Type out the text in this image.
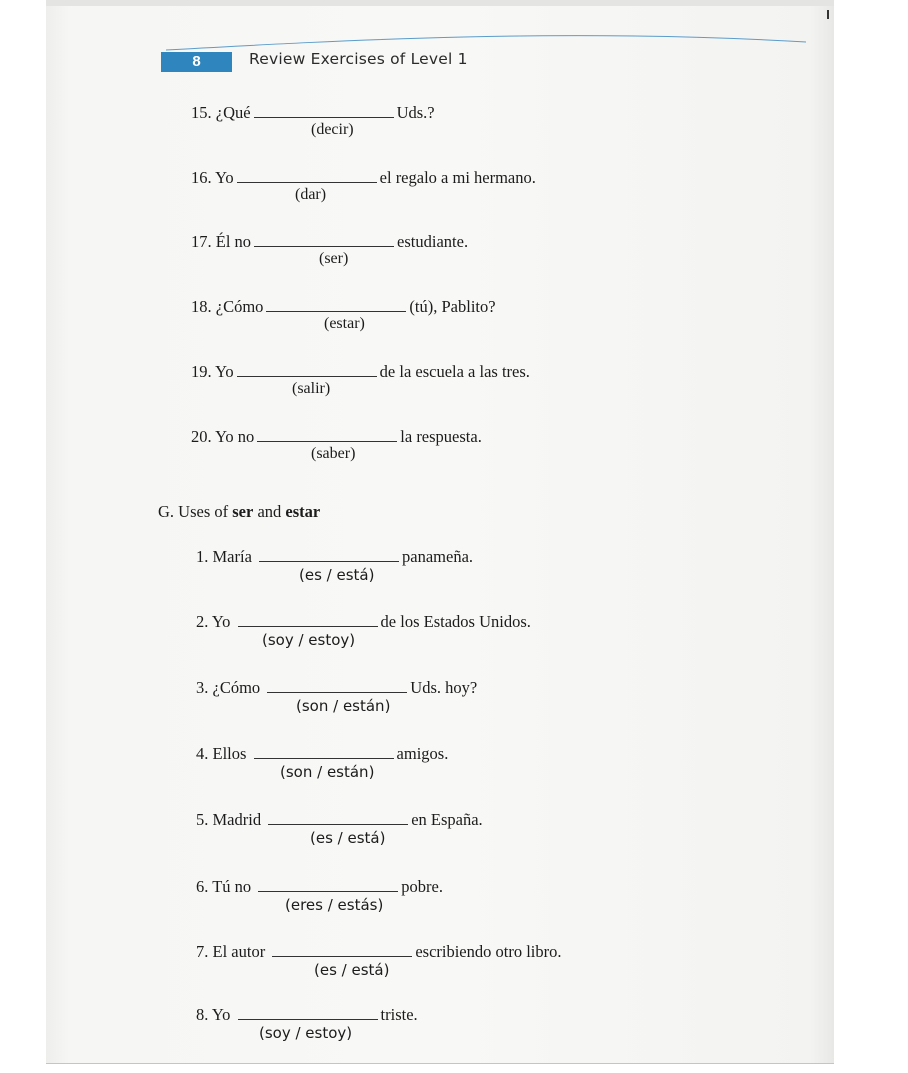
8	Review Exercises of Level 1
15. ¿Qué	Uds.?
(decir)
16. Yo	el regalo a mi hermano.
(dar)
17. Él no	estudiante.
(ser)
18. ¿Cómo	(tú), Pablito?
(estar)
19. Yo	de la escuela a las tres.
(salir)
20. Yo no	la respuesta.
(saber)
G. Uses of ser and estar
1. María	panameña.
(es / está)
2. Yo	de los Estados Unidos.
(soy / estoy)
3. ¿Cómo	Uds. hoy?
(son / están)
4. Ellos	amigos.
(son / están)
5. Madrid	en España.
(es / está)
6. Tú no	pobre.
(eres / estás)
7. El autor	escribiendo otro libro.
(es / está)
8. Yo	triste.
(soy / estoy)
